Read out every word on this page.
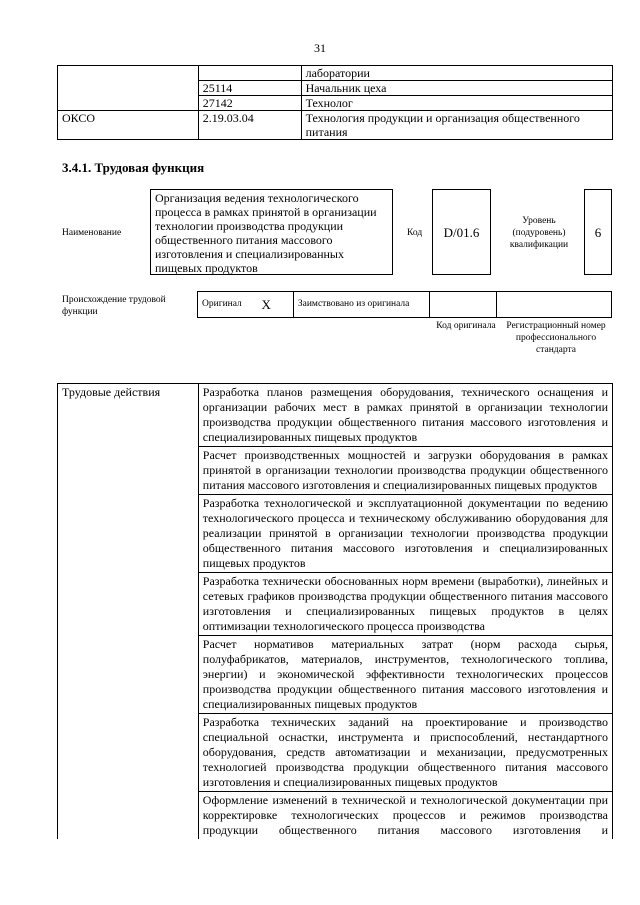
31
		лаборатории
	25114	Начальник цеха
	27142	Технолог
ОКСО	2.19.03.04	Технология продукции и организация общественного питания
3.4.1. Трудовая функция
Наименование
Организация ведения технологического процесса в рамках принятой в организации технологии производства продукции общественного питания массового изготовления и специализированных пищевых продуктов
Код	D/01.6
Уровень (подуровень) квалификации
6
Происхождение трудовой функции
Оригинал	X	Заимствовано из оригинала		
Код оригинала	Регистрационный номер профессионального стандарта
Трудовые действия	Разработка планов размещения оборудования, технического оснащения и организации рабочих мест в рамках принятой в организации технологии производства продукции общественного питания массового изготовления и специализированных пищевых продуктов
Расчет производственных мощностей и загрузки оборудования в рамках принятой в организации технологии производства продукции общественного питания массового изготовления и специализированных пищевых продуктов
Разработка технологической и эксплуатационной документации по ведению технологического процесса и техническому обслуживанию оборудования для реализации принятой в организации технологии производства продукции общественного питания массового изготовления и специализированных пищевых продуктов
Разработка технически обоснованных норм времени (выработки), линейных и сетевых графиков производства продукции общественного питания массового изготовления и специализированных пищевых продуктов в целях оптимизации технологического процесса производства
Расчет нормативов материальных затрат (норм расхода сырья, полуфабрикатов, материалов, инструментов, технологического топлива, энергии) и экономической эффективности технологических процессов производства продукции общественного питания массового изготовления и специализированных пищевых продуктов
Разработка технических заданий на проектирование и производство специальной оснастки, инструмента и приспособлений, нестандартного оборудования, средств автоматизации и механизации, предусмотренных технологией производства продукции общественного питания массового изготовления и специализированных пищевых продуктов
Оформление изменений в технической и технологической документации при корректировке технологических процессов и режимов производства продукции общественного питания массового изготовления и
